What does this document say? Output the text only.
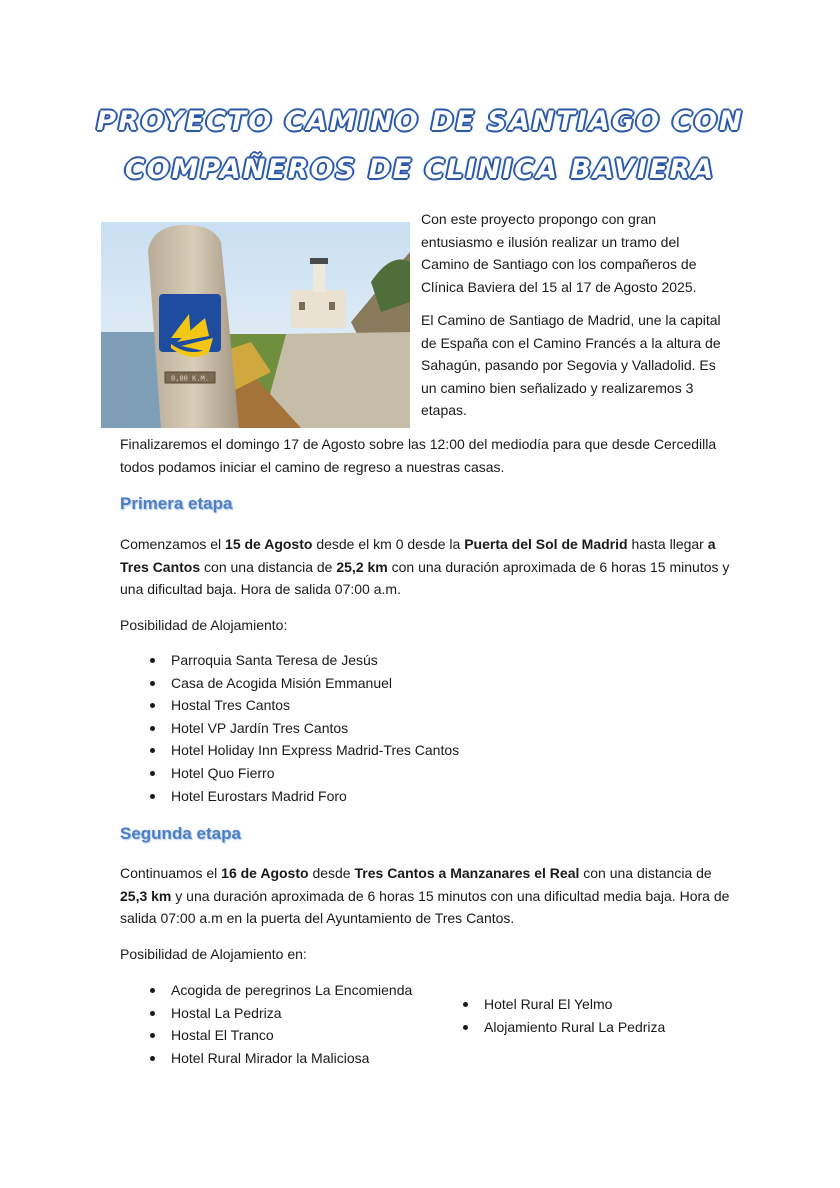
PROYECTO CAMINO DE SANTIAGO CON
COMPAÑEROS DE CLINICA BAVIERA
0,00 K.M.

Con este proyecto propongo con gran entusiasmo e ilusión realizar un tramo del Camino de Santiago con los compañeros de Clínica Baviera del 15 al 17 de Agosto 2025.

El Camino de Santiago de Madrid, une la capital de España con el Camino Francés a la altura de Sahagún, pasando por Segovia y Valladolid. Es un camino bien señalizado y realizaremos 3 etapas.

Finalizaremos el domingo 17 de Agosto sobre las 12:00 del mediodía para que desde Cercedilla todos podamos iniciar el camino de regreso a nuestras casas.

Primera etapa

Comenzamos el 15 de Agosto desde el km 0 desde la Puerta del Sol de Madrid hasta llegar a Tres Cantos con una distancia de 25,2 km con una duración aproximada de 6 horas 15 minutos y una dificultad baja. Hora de salida 07:00 a.m.

Posibilidad de Alojamiento:

Parroquia Santa Teresa de Jesús
Casa de Acogida Misión Emmanuel
Hostal Tres Cantos
Hotel VP Jardín Tres Cantos
Hotel Holiday Inn Express Madrid-Tres Cantos
Hotel Quo Fierro
Hotel Eurostars Madrid Foro
Segunda etapa

Continuamos el 16 de Agosto desde Tres Cantos a Manzanares el Real con una distancia de 25,3 km y una duración aproximada de 6 horas 15 minutos con una dificultad media baja. Hora de salida 07:00 a.m en la puerta del Ayuntamiento de Tres Cantos.

Posibilidad de Alojamiento en:

Acogida de peregrinos La Encomienda
Hostal La Pedriza
Hostal El Tranco
Hotel Rural Mirador la Maliciosa
Hotel Rural El Yelmo
Alojamiento Rural La Pedriza
